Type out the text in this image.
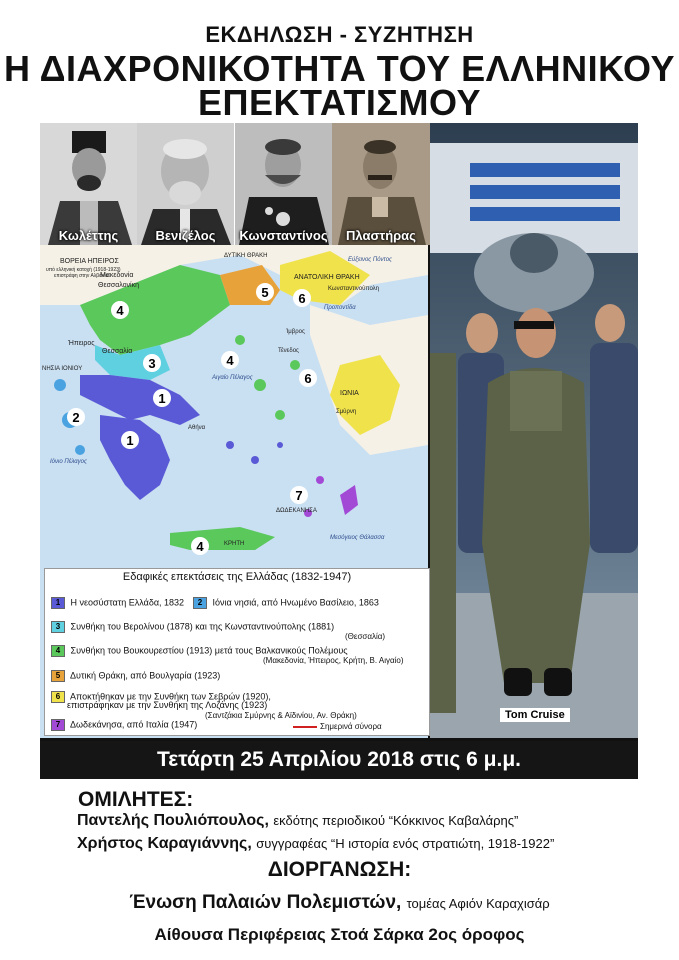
ΕΚΔΗΛΩΣΗ - ΣΥΖΗΤΗΣΗ
Η ΔΙΑΧΡΟΝΙΚΟΤΗΤΑ ΤΟΥ ΕΛΛΗΝΙΚΟΥ
ΕΠΕΚΤΑΤΙΣΜΟΥ
Κωλέττης	Βενιζέλος	Κωνσταντίνος	Πλαστήρας
Tom Cruise
4
5 6
3	4
6
1
2
1
7
4
ΒΟΡΕΙΑ ΗΠΕΙΡΟΣ
υπό ελληνική κατοχή (1918-1923)
επιστράφη στην Αλβανία
ΔΥΤΙΚΗ ΘΡΑΚΗ
ΑΝΑΤΟΛΙΚΗ ΘΡΑΚΗ
Εύξεινος Πόντος
Κωνσταντινούπολη
Προποντίδα
Μακεδονία
Θεσσαλονίκη
Ήπειρος
Θεσσαλία
ΝΗΣΙΑ ΙΟΝΙΟΥ
Ίμβρος
Τένεδος
Αιγαίο Πέλαγος
ΙΩΝΙΑ
Σμύρνη
Αθήνα
Ιόνιο Πέλαγος
ΔΩΔΕΚΑΝΗΣΑ
ΚΡΗΤΗ
Μεσόγειος Θάλασσα
Εδαφικές επεκτάσεις της Ελλάδας (1832-1947)
1 Η νεοσύστατη Ελλάδα, 1832	2 Ιόνια νησιά, από Ηνωμένο Βασίλειο, 1863
3 Συνθήκη του Βερολίνου (1878) και της Κωνσταντινούπολης (1881)
(Θεσσαλία)
4 Συνθήκη του Βουκουρεστίου (1913) μετά τους Βαλκανικούς Πολέμους
(Μακεδονία, Ήπειρος, Κρήτη, Β. Αιγαίο)
5 Δυτική Θράκη, από Βουλγαρία (1923)
6 Αποκτήθηκαν με την Συνθήκη των Σεβρών (1920),
επιστράφηκαν με την Συνθήκη της Λοζάνης (1923)
(Σαντζάκια Σμύρνης & Αϊδινίου, Αν. Θράκη)
7 Δωδεκάνησα, από Ιταλία (1947)	Σημερινά σύνορα
Τετάρτη 25 Απριλίου 2018 στις 6 μ.μ.
ΟΜΙΛΗΤΕΣ:
Παντελής Πουλιόπουλος, εκδότης περιοδικού “Κόκκινος Καβαλάρης”
Χρήστος Καραγιάννης, συγγραφέας “Η ιστορία ενός στρατιώτη, 1918-1922”
ΔΙΟΡΓΑΝΩΣΗ:
Ένωση Παλαιών Πολεμιστών, τομέας Αφιόν Καραχισάρ
Αίθουσα Περιφέρειας Στοά Σάρκα 2ος όροφος
